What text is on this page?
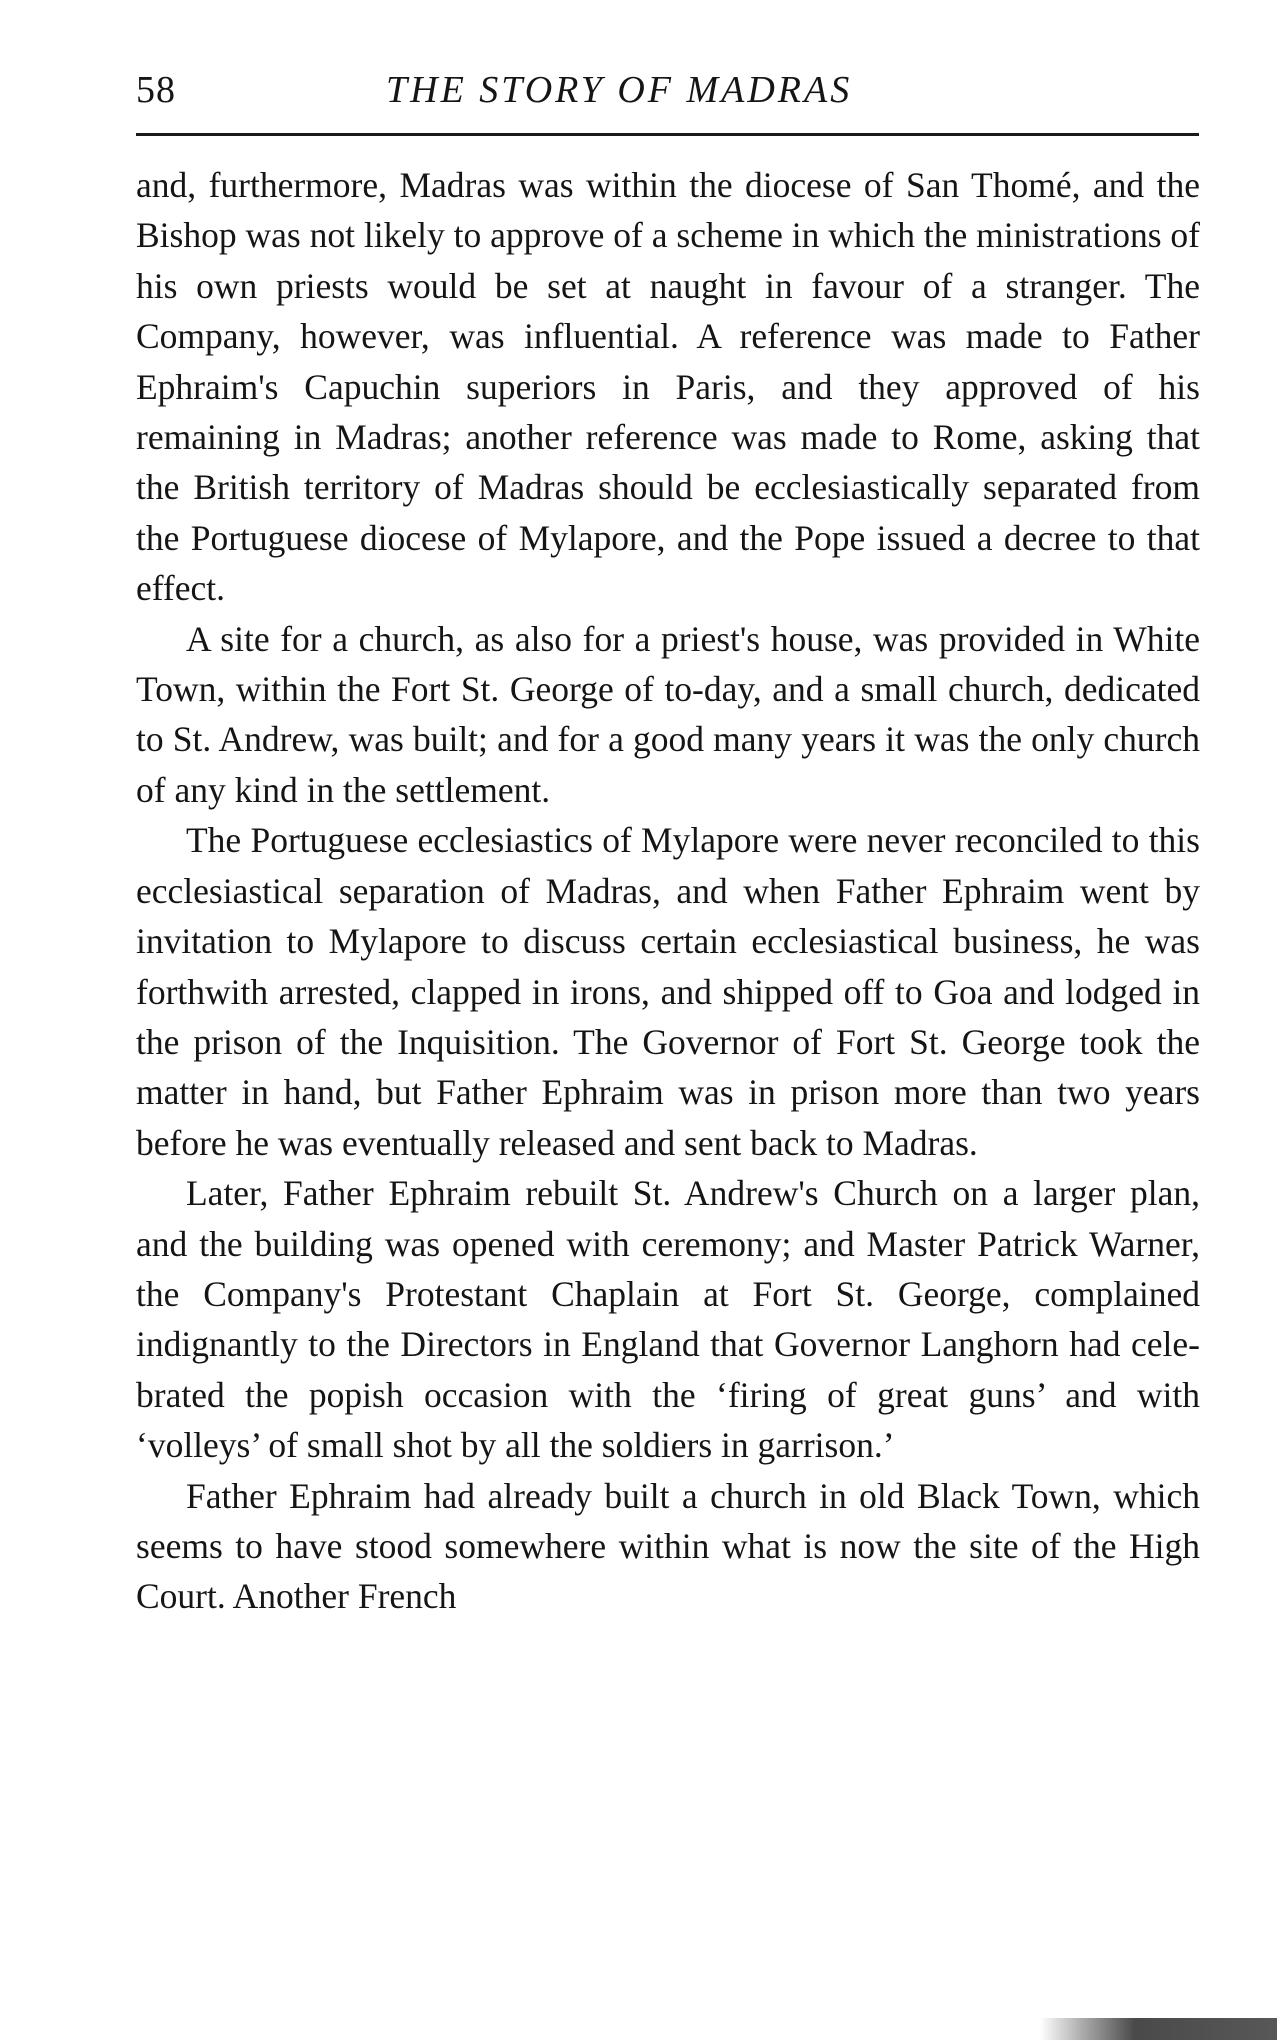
58	THE STORY OF MADRAS

and, furthermore, Madras was within the diocese of San Thomé, and the Bishop was not likely to approve of a scheme in which the ministrations of his own priests would be set at naught in favour of a stranger. The Company, however, was influential. A reference was made to Father Ephraim's Capuchin superiors in Paris, and they approved of his remaining in Madras; another reference was made to Rome, asking that the British territory of Madras should be ecclesiastically separated from the Portuguese diocese of Mylapore, and the Pope issued a decree to that effect.

A site for a church, as also for a priest's house, was provided in White Town, within the Fort St. George of to-day, and a small church, dedicated to St. Andrew, was built; and for a good many years it was the only church of any kind in the settlement.

The Portuguese ecclesiastics of Mylapore were never reconciled to this ecclesiastical separation of Madras, and when Father Ephraim went by invitation to Mylapore to discuss certain ecclesiastical business, he was forthwith arrested, clapped in irons, and shipped off to Goa and lodged in the prison of the Inquisition. The Governor of Fort St. George took the matter in hand, but Father Ephraim was in prison more than two years before he was eventually released and sent back to Madras.

Later, Father Ephraim rebuilt St. Andrew's Church on a larger plan, and the building was opened with ceremony; and Master Patrick Warner, the Company's Protestant Chaplain at Fort St. George, complained indignantly to the Directors in England that Governor Langhorn had cele-brated the popish occasion with the ‘firing of great guns’ and with ‘volleys’ of small shot by all the soldiers in garrison.’

Father Ephraim had already built a church in old Black Town, which seems to have stood somewhere within what is now the site of the High Court. Another French
